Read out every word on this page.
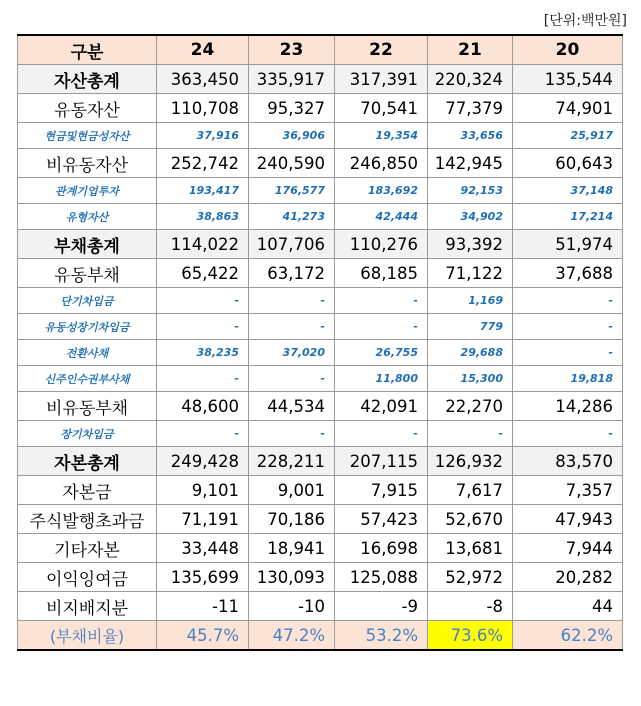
[단위:백만원]
구분	24	23	22	21	20
자산총계	363,450	335,917	317,391	220,324	135,544
유동자산	110,708	95,327	70,541	77,379	74,901
현금및현금성자산	37,916	36,906	19,354	33,656	25,917
비유동자산	252,742	240,590	246,850	142,945	60,643
관계기업투자	193,417	176,577	183,692	92,153	37,148
유형자산	38,863	41,273	42,444	34,902	17,214
부채총계	114,022	107,706	110,276	93,392	51,974
유동부채	65,422	63,172	68,185	71,122	37,688
단기차입금	-	-	-	1,169	-
유동성장기차입금	-	-	-	779	-
전환사채	38,235	37,020	26,755	29,688	-
신주인수권부사채	-	-	11,800	15,300	19,818
비유동부채	48,600	44,534	42,091	22,270	14,286
장기차입금	-	-	-	-	-
자본총계	249,428	228,211	207,115	126,932	83,570
자본금	9,101	9,001	7,915	7,617	7,357
주식발행초과금	71,191	70,186	57,423	52,670	47,943
기타자본	33,448	18,941	16,698	13,681	7,944
이익잉여금	135,699	130,093	125,088	52,972	20,282
비지배지분	-11	-10	-9	-8	44
(부채비율)	45.7%	47.2%	53.2%	73.6%	62.2%
